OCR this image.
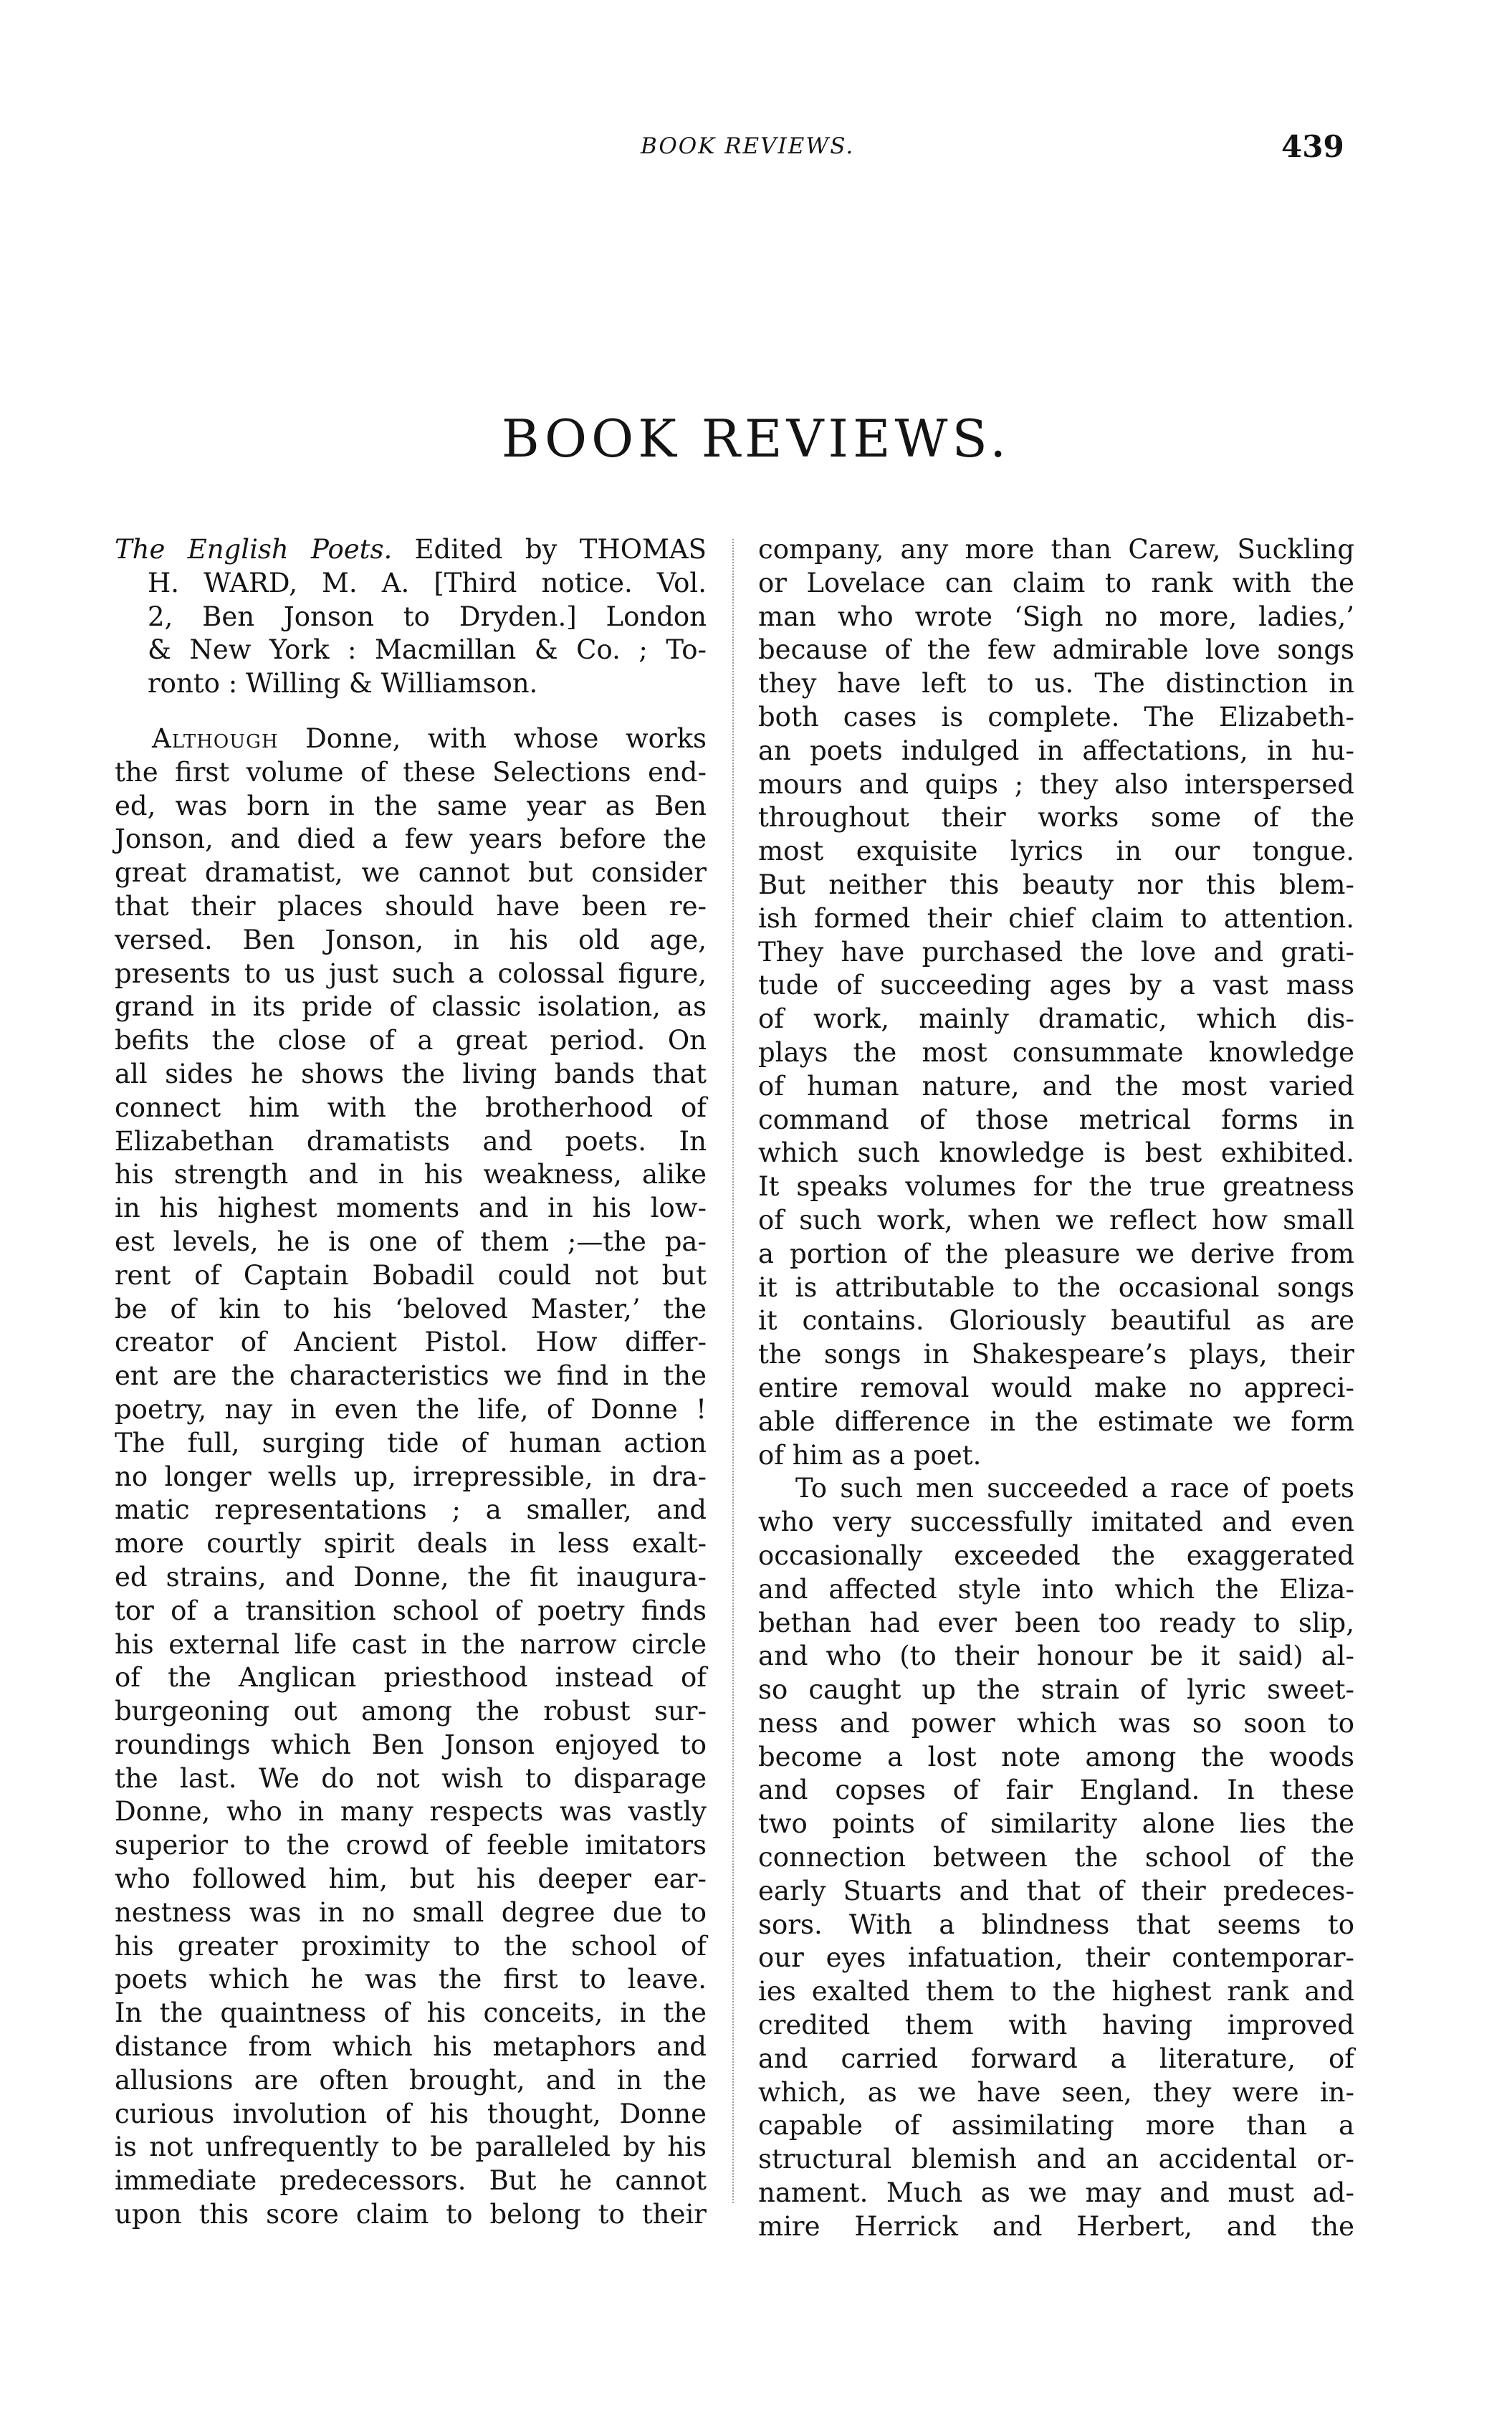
BOOK REVIEWS.	439
BOOK REVIEWS.
The English Poets. Edited by THOMAS
H. WARD, M. A. [Third notice. Vol.
2, Ben Jonson to Dryden.] London
& New York : Macmillan & Co. ; To-
ronto : Willing & Williamson.
Although Donne, with whose works
the first volume of these Selections end-
ed, was born in the same year as Ben
Jonson, and died a few years before the
great dramatist, we cannot but consider
that their places should have been re-
versed. Ben Jonson, in his old age,
presents to us just such a colossal figure,
grand in its pride of classic isolation, as
befits the close of a great period. On
all sides he shows the living bands that
connect him with the brotherhood of
Elizabethan dramatists and poets. In
his strength and in his weakness, alike
in his highest moments and in his low-
est levels, he is one of them ;—the pa-
rent of Captain Bobadil could not but
be of kin to his ‘beloved Master,’ the
creator of Ancient Pistol. How differ-
ent are the characteristics we find in the
poetry, nay in even the life, of Donne !
The full, surging tide of human action
no longer wells up, irrepressible, in dra-
matic representations ; a smaller, and
more courtly spirit deals in less exalt-
ed strains, and Donne, the fit inaugura-
tor of a transition school of poetry finds
his external life cast in the narrow circle
of the Anglican priesthood instead of
burgeoning out among the robust sur-
roundings which Ben Jonson enjoyed to
the last. We do not wish to disparage
Donne, who in many respects was vastly
superior to the crowd of feeble imitators
who followed him, but his deeper ear-
nestness was in no small degree due to
his greater proximity to the school of
poets which he was the first to leave.
In the quaintness of his conceits, in the
distance from which his metaphors and
allusions are often brought, and in the
curious involution of his thought, Donne
is not unfrequently to be paralleled by his
immediate predecessors. But he cannot
upon this score claim to belong to their
company, any more than Carew, Suckling
or Lovelace can claim to rank with the
man who wrote ‘Sigh no more, ladies,’
because of the few admirable love songs
they have left to us. The distinction in
both cases is complete. The Elizabeth-
an poets indulged in affectations, in hu-
mours and quips ; they also interspersed
throughout their works some of the
most exquisite lyrics in our tongue.
But neither this beauty nor this blem-
ish formed their chief claim to attention.
They have purchased the love and grati-
tude of succeeding ages by a vast mass
of work, mainly dramatic, which dis-
plays the most consummate knowledge
of human nature, and the most varied
command of those metrical forms in
which such knowledge is best exhibited.
It speaks volumes for the true greatness
of such work, when we reflect how small
a portion of the pleasure we derive from
it is attributable to the occasional songs
it contains. Gloriously beautiful as are
the songs in Shakespeare’s plays, their
entire removal would make no appreci-
able difference in the estimate we form
of him as a poet.
To such men succeeded a race of poets
who very successfully imitated and even
occasionally exceeded the exaggerated
and affected style into which the Eliza-
bethan had ever been too ready to slip,
and who (to their honour be it said) al-
so caught up the strain of lyric sweet-
ness and power which was so soon to
become a lost note among the woods
and copses of fair England. In these
two points of similarity alone lies the
connection between the school of the
early Stuarts and that of their predeces-
sors. With a blindness that seems to
our eyes infatuation, their contemporar-
ies exalted them to the highest rank and
credited them with having improved
and carried forward a literature, of
which, as we have seen, they were in-
capable of assimilating more than a
structural blemish and an accidental or-
nament. Much as we may and must ad-
mire Herrick and Herbert, and the
